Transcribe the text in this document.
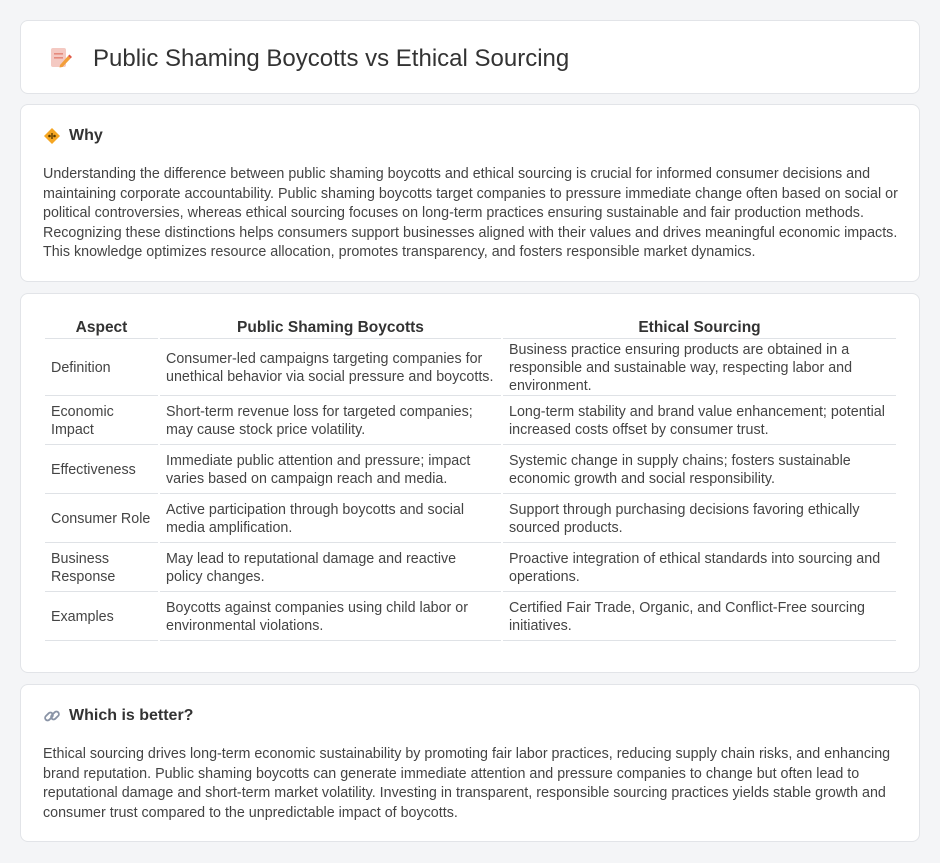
Public Shaming Boycotts vs Ethical Sourcing
Why

Understanding the difference between public shaming boycotts and ethical sourcing is crucial for informed consumer decisions and maintaining corporate accountability. Public shaming boycotts target companies to pressure immediate change often based on social or political controversies, whereas ethical sourcing focuses on long-term practices ensuring sustainable and fair production methods. Recognizing these distinctions helps consumers support businesses aligned with their values and drives meaningful economic impacts. This knowledge optimizes resource allocation, promotes transparency, and fosters responsible market dynamics.

Aspect	Public Shaming Boycotts	Ethical Sourcing
Definition	Consumer-led campaigns targeting companies for unethical behavior via social pressure and boycotts.	Business practice ensuring products are obtained in a responsible and sustainable way, respecting labor and environment.
Economic Impact	Short-term revenue loss for targeted companies; may cause stock price volatility.	Long-term stability and brand value enhancement; potential increased costs offset by consumer trust.
Effectiveness	Immediate public attention and pressure; impact varies based on campaign reach and media.	Systemic change in supply chains; fosters sustainable economic growth and social responsibility.
Consumer Role	Active participation through boycotts and social media amplification.	Support through purchasing decisions favoring ethically sourced products.
Business Response	May lead to reputational damage and reactive policy changes.	Proactive integration of ethical standards into sourcing and operations.
Examples	Boycotts against companies using child labor or environmental violations.	Certified Fair Trade, Organic, and Conflict-Free sourcing initiatives.
Which is better?

Ethical sourcing drives long-term economic sustainability by promoting fair labor practices, reducing supply chain risks, and enhancing brand reputation. Public shaming boycotts can generate immediate attention and pressure companies to change but often lead to reputational damage and short-term market volatility. Investing in transparent, responsible sourcing practices yields stable growth and consumer trust compared to the unpredictable impact of boycotts.
